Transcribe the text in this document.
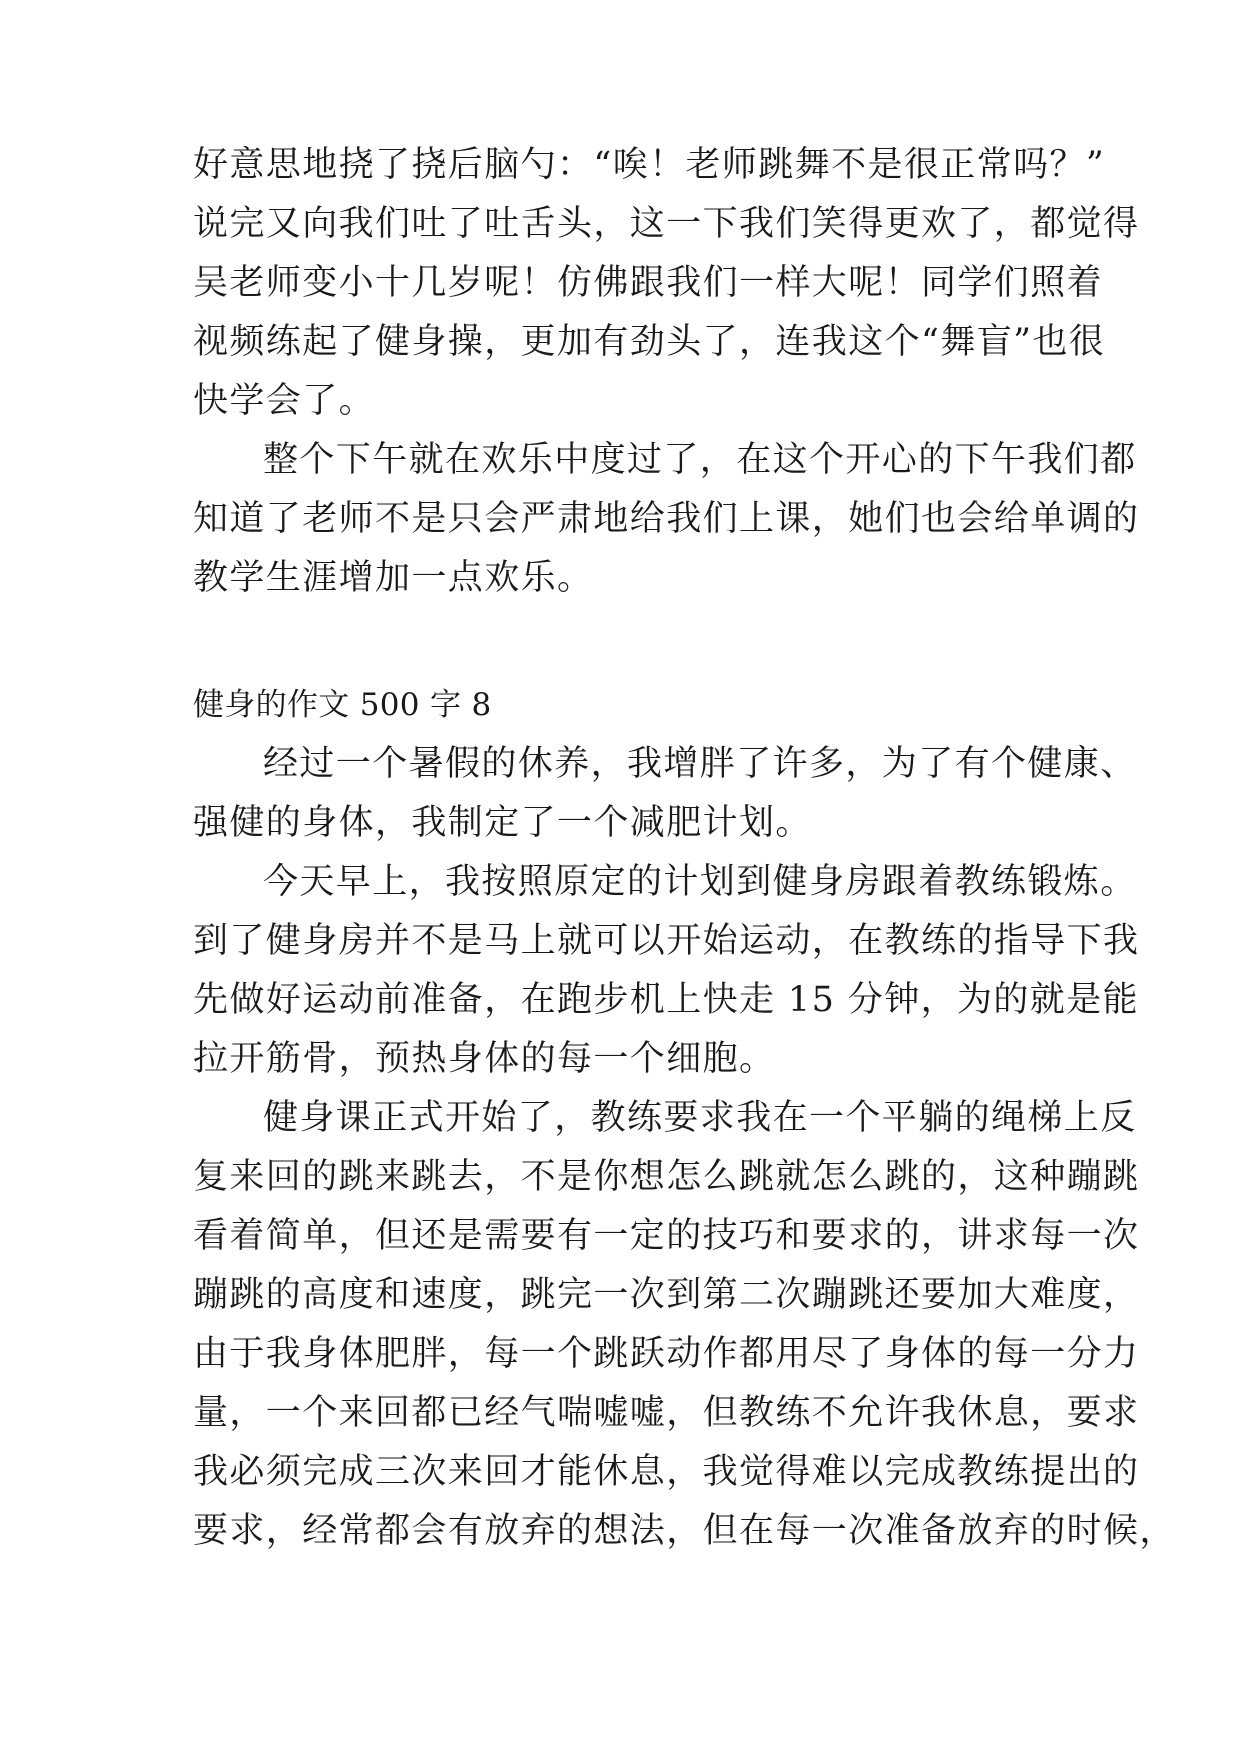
好意思地挠了挠后脑勺：“唉！老师跳舞不是很正常吗？”

说完又向我们吐了吐舌头，这一下我们笑得更欢了，都觉得

吴老师变小十几岁呢！仿佛跟我们一样大呢！同学们照着

视频练起了健身操，更加有劲头了，连我这个“舞盲”也很

快学会了。

整个下午就在欢乐中度过了，在这个开心的下午我们都

知道了老师不是只会严肃地给我们上课，她们也会给单调的

教学生涯增加一点欢乐。

健身的作文 500 字 8

经过一个暑假的休养，我增胖了许多，为了有个健康、

强健的身体，我制定了一个减肥计划。

今天早上，我按照原定的计划到健身房跟着教练锻炼。

到了健身房并不是马上就可以开始运动，在教练的指导下我

先做好运动前准备，在跑步机上快走 15 分钟，为的就是能

拉开筋骨，预热身体的每一个细胞。

健身课正式开始了，教练要求我在一个平躺的绳梯上反

复来回的跳来跳去，不是你想怎么跳就怎么跳的，这种蹦跳

看着简单，但还是需要有一定的技巧和要求的，讲求每一次

蹦跳的高度和速度，跳完一次到第二次蹦跳还要加大难度，

由于我身体肥胖，每一个跳跃动作都用尽了身体的每一分力

量，一个来回都已经气喘嘘嘘，但教练不允许我休息，要求

我必须完成三次来回才能休息，我觉得难以完成教练提出的

要求，经常都会有放弃的想法，但在每一次准备放弃的时候，
